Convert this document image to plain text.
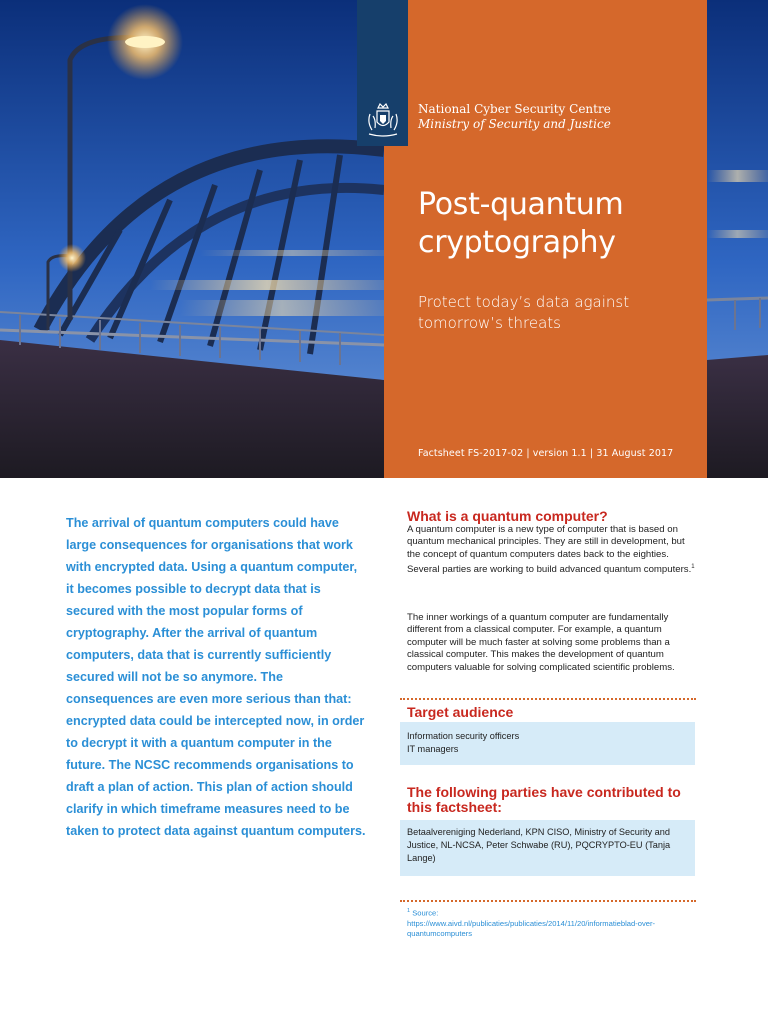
National Cyber Security Centre
Ministry of Security and Justice
Post-quantum
cryptography
Protect today’s data against
tomorrow’s threats
Factsheet FS-2017-02 | version 1.1 | 31 August 2017

The arrival of quantum computers could have large consequences for organisations that work with encrypted data. Using a quantum computer, it becomes possible to decrypt data that is secured with the most popular forms of cryptography. After the arrival of quantum computers, data that is currently sufficiently secured will not be so anymore. The consequences are even more serious than that: encrypted data could be intercepted now, in order to decrypt it with a quantum computer in the future. The NCSC recommends organisations to draft a plan of action. This plan of action should clarify in which timeframe measures need to be taken to protect data against quantum computers.

What is a quantum computer?

A quantum computer is a new type of computer that is based on quantum mechanical principles. They are still in development, but the concept of quantum computers dates back to the eighties. Several parties are working to build advanced quantum computers.$^1$

The inner workings of a quantum computer are fundamentally different from a classical computer. For example, a quantum computer will be much faster at solving some problems than a classical computer. This makes the development of quantum computers valuable for solving complicated scientific problems.

Target audience
Information security officers
IT managers
The following parties have contributed to this factsheet:
Betaalvereniging Nederland, KPN CISO, Ministry of Security and Justice, NL-NCSA, Peter Schwabe (RU), PQCRYPTO-EU (Tanja Lange)
$^1$ Source:
https://www.aivd.nl/publicaties/publicaties/2014/11/20/informatieblad-over-quantumcomputers
